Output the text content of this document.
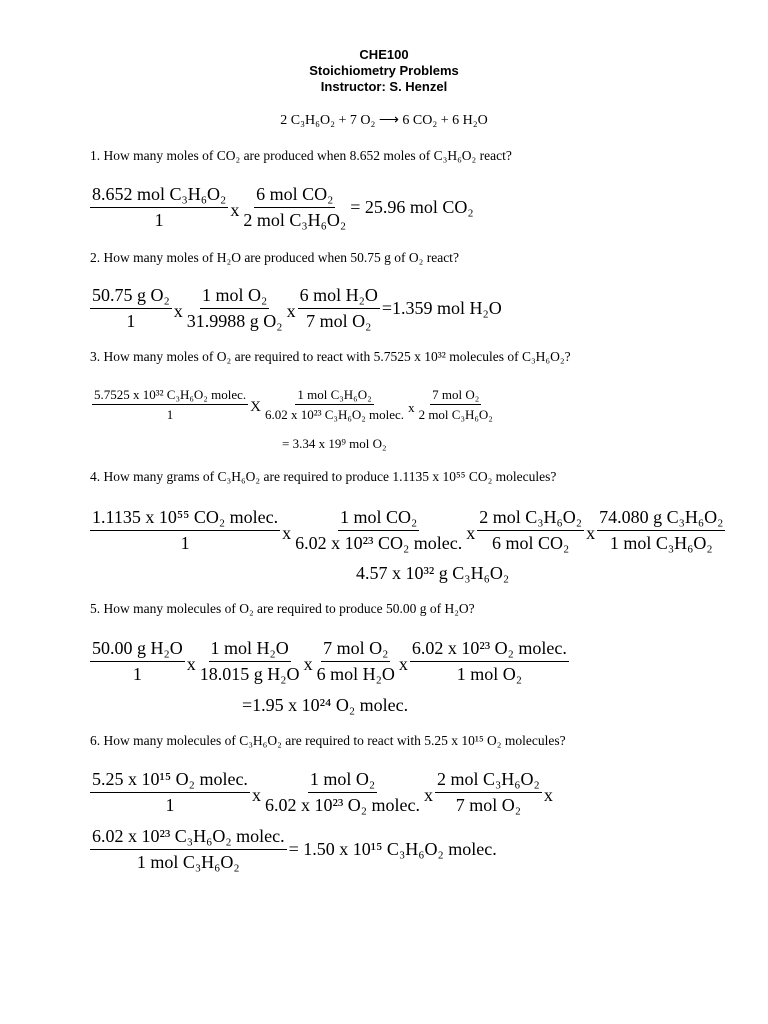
CHE100
Stoichiometry Problems
Instructor: S. Henzel
2 C₃H₆O₂ + 7 O₂ ⟶ 6 CO₂ + 6 H₂O
1. How many moles of CO₂ are produced when 8.652 moles of C₃H₆O₂ react?
$\frac{\text{8.652 mol C₃H₆O₂}}{1}$ x $\frac{\text{6 mol CO₂}}{\text{2 mol C₃H₆O₂}} = 25.96$ mol CO₂
2. How many moles of H₂O are produced when 50.75 g of O₂ react?
$\frac{\text{50.75 g O₂}}{1}$ x $\frac{\text{1 mol O₂}}{\text{31.9988 g O₂}}$ x $\frac{\text{6 mol H₂O}}{\text{7 mol O₂}} =1.359$ mol H₂O
3. How many moles of O₂ are required to react with 5.7525 x 10³² molecules of C₃H₆O₂?
$\frac{\text{5.7525 x 10³² C₃H₆O₂ molec.}}{1}$ X $\frac{\text{1 mol C₃H₆O₂}}{\text{6.02 x 10²³ C₃H₆O₂ molec.}}$ x $\frac{\text{7 mol O₂}}{\text{2 mol C₃H₆O₂}}$
= 3.34 x 19⁹ mol O₂
4. How many grams of C₃H₆O₂ are required to produce 1.1135 x 10⁵⁵ CO₂ molecules?
$\frac{\text{1.1135 x 10⁵⁵ CO₂ molec.}}{1}$ x $\frac{\text{1 mol CO₂}}{\text{6.02 x 10²³ CO₂ molec.}}$ x $\frac{\text{2 mol C₃H₆O₂}}{\text{6 mol CO₂}}$ x $\frac{\text{74.080 g C₃H₆O₂}}{\text{1 mol C₃H₆O₂}}$
4.57 x 10³² g C₃H₆O₂
5. How many molecules of O₂ are required to produce 50.00 g of H₂O?
$\frac{\text{50.00 g H₂O}}{1}$ x $\frac{\text{1 mol H₂O}}{\text{18.015 g H₂O}}$ x $\frac{\text{7 mol O₂}}{\text{6 mol H₂O}}$ x $\frac{\text{6.02 x 10²³ O₂ molec.}}{\text{1 mol O₂}}$
=1.95 x 10²⁴ O₂ molec.
6. How many molecules of C₃H₆O₂ are required to react with 5.25 x 10¹⁵ O₂ molecules?
$\frac{\text{5.25 x 10¹⁵ O₂ molec.}}{1}$ x $\frac{\text{1 mol O₂}}{\text{6.02 x 10²³ O₂ molec.}}$ x $\frac{\text{2 mol C₃H₆O₂}}{\text{7 mol O₂}}$ x
$\frac{\text{6.02 x 10²³ C₃H₆O₂ molec.}}{\text{1 mol C₃H₆O₂}} = 1.50$ x 10¹⁵ C₃H₆O₂ molec.
